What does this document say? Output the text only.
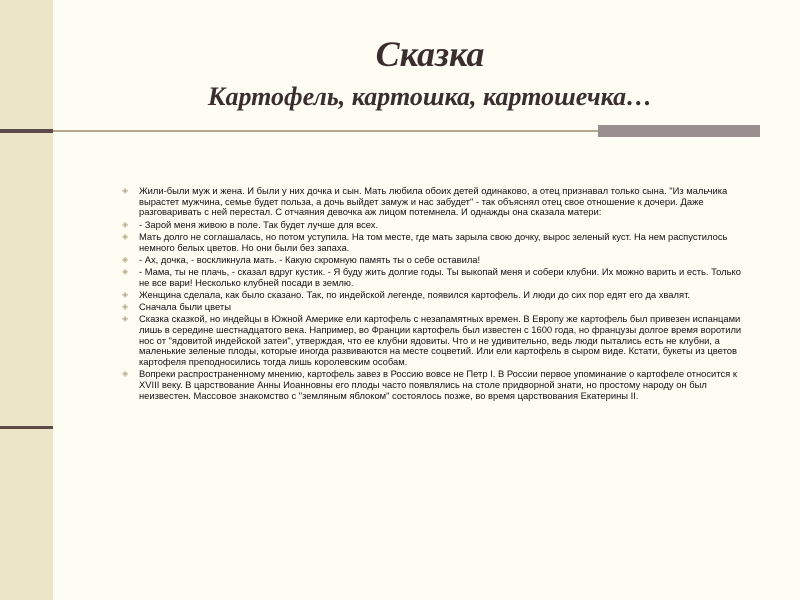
Сказка
Картофель, картошка, картошечка…

◈ Жили-были муж и жена. И были у них дочка и сын. Мать любила обоих детей одинаково, а отец признавал только сына. "Из мальчика вырастет мужчина, семье будет польза, а дочь выйдет замуж и нас забудет" - так объяснял отец свое отношение к дочери. Даже разговаривать с ней перестал. С отчаяния девочка аж лицом потемнела. И однажды она сказала матери:

◈ - Зарой меня живою в поле. Так будет лучше для всех.

◈ Мать долго не соглашалась, но потом уступила. На том месте, где мать зарыла свою дочку, вырос зеленый куст. На нем распустилось немного белых цветов. Но они были без запаха.

◈ - Ах, дочка, - воскликнула мать. - Какую скромную память ты о себе оставила!

◈ - Мама, ты не плачь, - сказал вдруг кустик. - Я буду жить долгие годы. Ты выкопай меня и собери клубни. Их можно варить и есть. Только не все вари! Несколько клубней посади в землю.

◈ Женщина сделала, как было сказано. Так, по индейской легенде, появился картофель. И люди до сих пор едят его да хвалят.

◈ Сначала были цветы

◈ Сказка сказкой, но индейцы в Южной Америке ели картофель с незапамятных времен. В Европу же картофель был привезен испанцами лишь в середине шестнадцатого века. Например, во Франции картофель был известен с 1600 года, но французы долгое время воротили нос от "ядовитой индейской затеи", утверждая, что ее клубни ядовиты. Что и не удивительно, ведь люди пытались есть не клубни, а маленькие зеленые плоды, которые иногда развиваются на месте соцветий. Или ели картофель в сыром виде. Кстати, букеты из цветов картофеля преподносились тогда лишь королевским особам.

◈ Вопреки распространенному мнению, картофель завез в Россию вовсе не Петр I. В России первое упоминание о картофеле относится к XVIII веку. В царствование Анны Иоанновны его плоды часто появлялись на столе придворной знати, но простому народу он был неизвестен. Массовое знакомство с "земляным яблоком" состоялось позже, во время царствования Екатерины II.
